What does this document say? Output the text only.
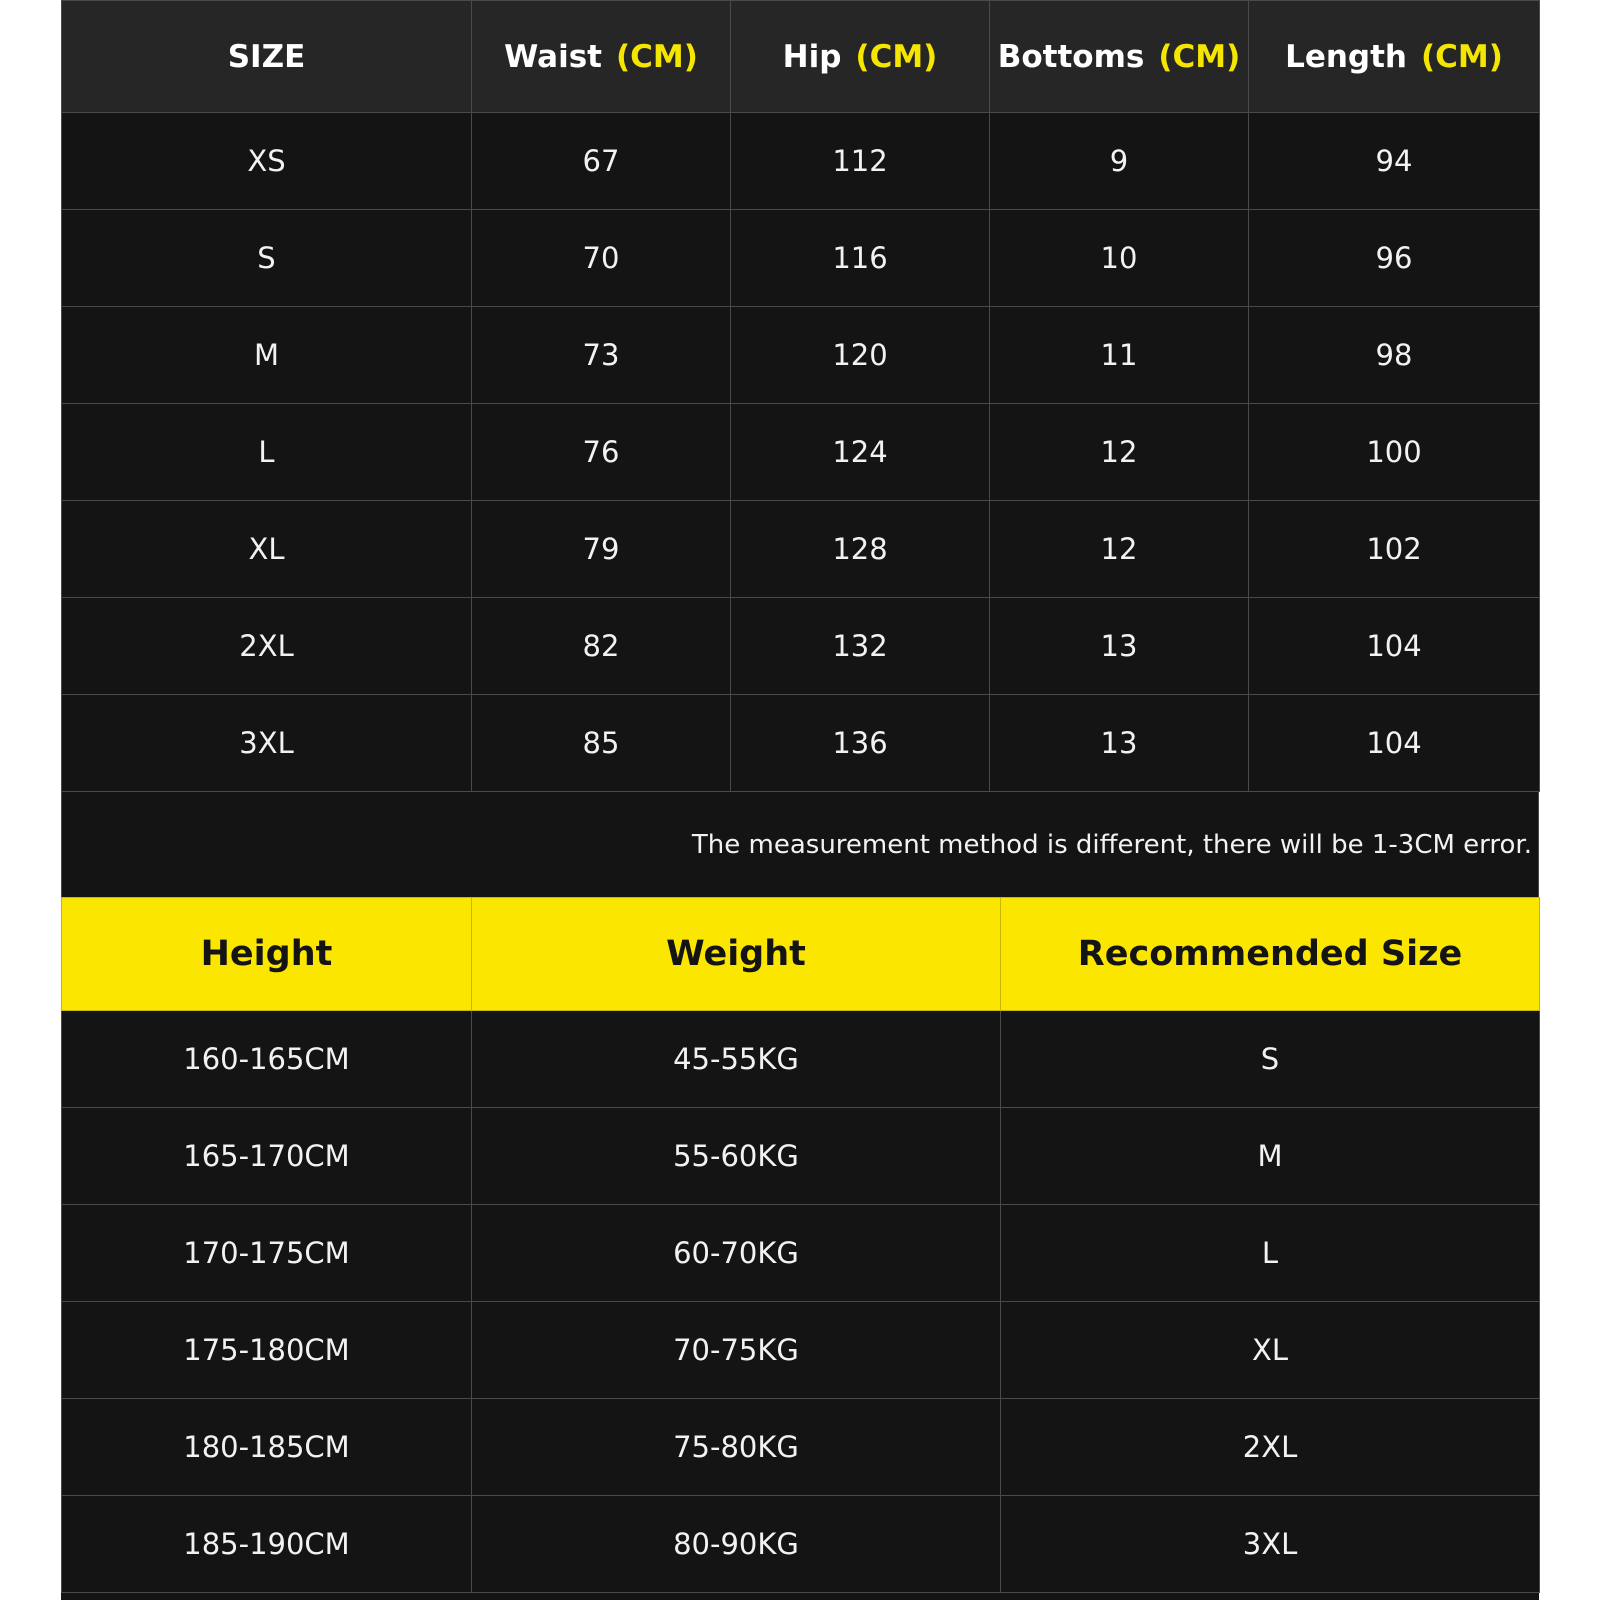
SIZE	Waist (CM)	Hip (CM)	Bottoms (CM)	Length (CM)
XS	67	112	9	94
S	70	116	10	96
M	73	120	11	98
L	76	124	12	100
XL	79	128	12	102
2XL	82	132	13	104
3XL	85	136	13	104
The measurement method is different, there will be 1-3CM error.
Height	Weight	Recommended Size
160-165CM	45-55KG	S
165-170CM	55-60KG	M
170-175CM	60-70KG	L
175-180CM	70-75KG	XL
180-185CM	75-80KG	2XL
185-190CM	80-90KG	3XL
